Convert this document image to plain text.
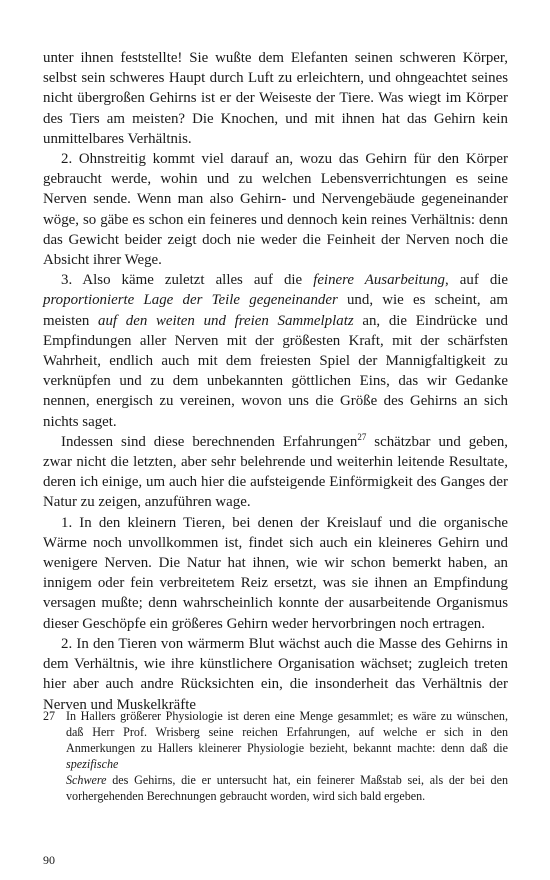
unter ihnen feststellte! Sie wußte dem Elefanten seinen schweren Körper, selbst sein schweres Haupt durch Luft zu erleichtern, und ohngeachtet seines nicht übergroßen Gehirns ist er der Weiseste der Tiere. Was wiegt im Körper des Tiers am meisten? Die Knochen, und mit ihnen hat das Gehirn kein unmittelbares Verhältnis.

2. Ohnstreitig kommt viel darauf an, wozu das Gehirn für den Körper gebraucht werde, wohin und zu welchen Lebensverrichtungen es seine Nerven sende. Wenn man also Gehirn- und Nervengebäude gegeneinander wöge, so gäbe es schon ein feineres und dennoch kein reines Verhältnis: denn das Gewicht beider zeigt doch nie weder die Feinheit der Nerven noch die Absicht ihrer Wege.

3. Also käme zuletzt alles auf die feinere Ausarbeitung, auf die proportionierte Lage der Teile gegeneinander und, wie es scheint, am meisten auf den weiten und freien Sammelplatz an, die Eindrücke und Empfindungen aller Nerven mit der größesten Kraft, mit der schärfsten Wahrheit, endlich auch mit dem freiesten Spiel der Mannigfaltigkeit zu verknüpfen und zu dem unbekannten göttlichen Eins, das wir Gedanke nennen, energisch zu vereinen, wovon uns die Größe des Gehirns an sich nichts saget.

Indessen sind diese berechnenden Erfahrungen$^{27}$ schätzbar und geben, zwar nicht die letzten, aber sehr belehrende und weiterhin leitende Resultate, deren ich einige, um auch hier die aufsteigende Einförmigkeit des Ganges der Natur zu zeigen, anzuführen wage.

1. In den kleinern Tieren, bei denen der Kreislauf und die organische Wärme noch unvollkommen ist, findet sich auch ein kleineres Gehirn und wenigere Nerven. Die Natur hat ihnen, wie wir schon bemerkt haben, an innigem oder fein verbreitetem Reiz ersetzt, was sie ihnen an Empfindung versagen mußte; denn wahrscheinlich konnte der ausarbeitende Organismus dieser Geschöpfe ein größeres Gehirn weder hervorbringen noch ertragen.

2. In den Tieren von wärmerm Blut wächst auch die Masse des Gehirns in dem Verhältnis, wie ihre künstlichere Organisation wächset; zugleich treten hier aber auch andre Rücksichten ein, die insonderheit das Verhältnis der Nerven und Muskelkräfte

27 In Hallers größerer Physiologie ist deren eine Menge gesammlet; es wäre zu wünschen, daß Herr Prof. Wrisberg seine reichen Erfahrungen, auf welche er sich in den Anmerkungen zu Hallers kleinerer Physiologie bezieht, bekannt machte: denn daß die spezifische
Schwere des Gehirns, die er untersucht hat, ein feinerer Maßstab sei, als der bei den vorhergehenden Berechnungen gebraucht worden, wird sich bald ergeben.
90
